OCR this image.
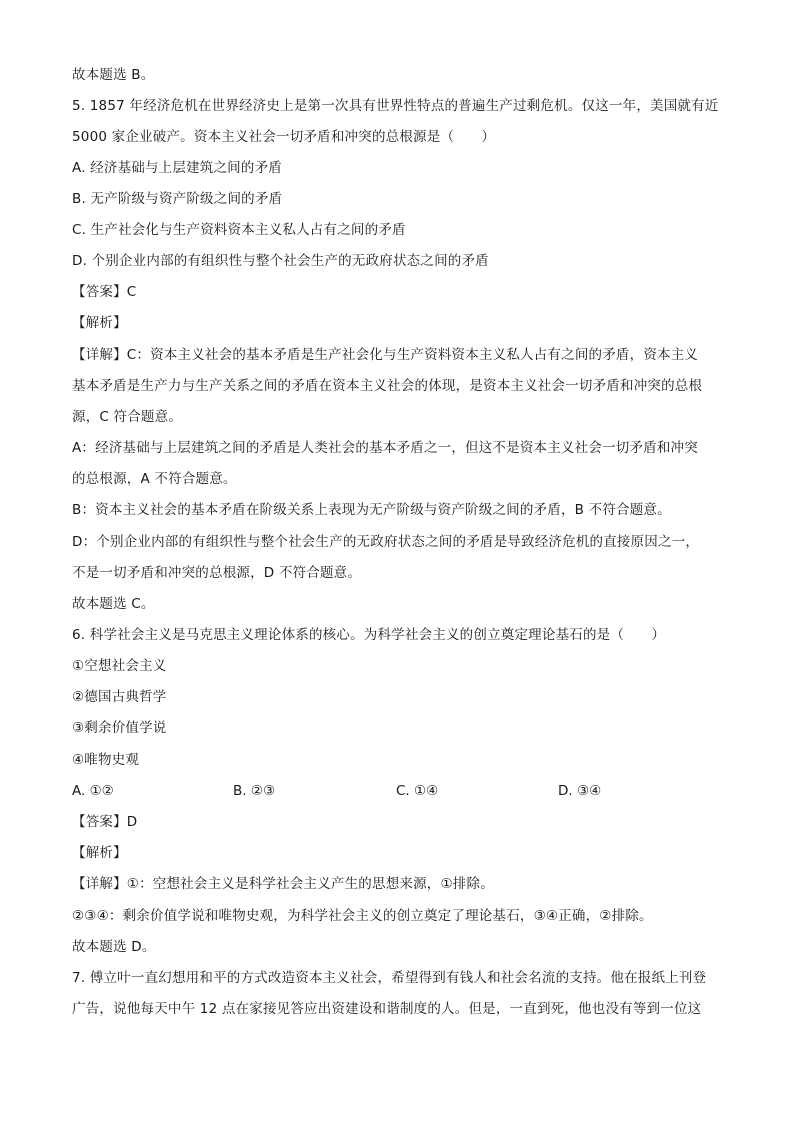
故本题选 B。
5. 1857 年经济危机在世界经济史上是第一次具有世界性特点的普遍生产过剩危机。仅这一年，美国就有近
5000 家企业破产。资本主义社会一切矛盾和冲突的总根源是（　　）
A. 经济基础与上层建筑之间的矛盾
B. 无产阶级与资产阶级之间的矛盾
C. 生产社会化与生产资料资本主义私人占有之间的矛盾
D. 个别企业内部的有组织性与整个社会生产的无政府状态之间的矛盾
【答案】C
【解析】
【详解】C：资本主义社会的基本矛盾是生产社会化与生产资料资本主义私人占有之间的矛盾，资本主义
基本矛盾是生产力与生产关系之间的矛盾在资本主义社会的体现，是资本主义社会一切矛盾和冲突的总根
源，C 符合题意。
A：经济基础与上层建筑之间的矛盾是人类社会的基本矛盾之一，但这不是资本主义社会一切矛盾和冲突
的总根源，A 不符合题意。
B：资本主义社会的基本矛盾在阶级关系上表现为无产阶级与资产阶级之间的矛盾，B 不符合题意。
D：个别企业内部的有组织性与整个社会生产的无政府状态之间的矛盾是导致经济危机的直接原因之一，
不是一切矛盾和冲突的总根源，D 不符合题意。
故本题选 C。
6. 科学社会主义是马克思主义理论体系的核心。为科学社会主义的创立奠定理论基石的是（　　）
①空想社会主义
②德国古典哲学
③剩余价值学说
④唯物史观
A. ①②	B. ②③	C. ①④	D. ③④
【答案】D
【解析】
【详解】①：空想社会主义是科学社会主义产生的思想来源，①排除。
②③④：剩余价值学说和唯物史观，为科学社会主义的创立奠定了理论基石，③④正确，②排除。
故本题选 D。
7. 傅立叶一直幻想用和平的方式改造资本主义社会，希望得到有钱人和社会名流的支持。他在报纸上刊登
广告，说他每天中午 12 点在家接见答应出资建设和谐制度的人。但是，一直到死，他也没有等到一位这
